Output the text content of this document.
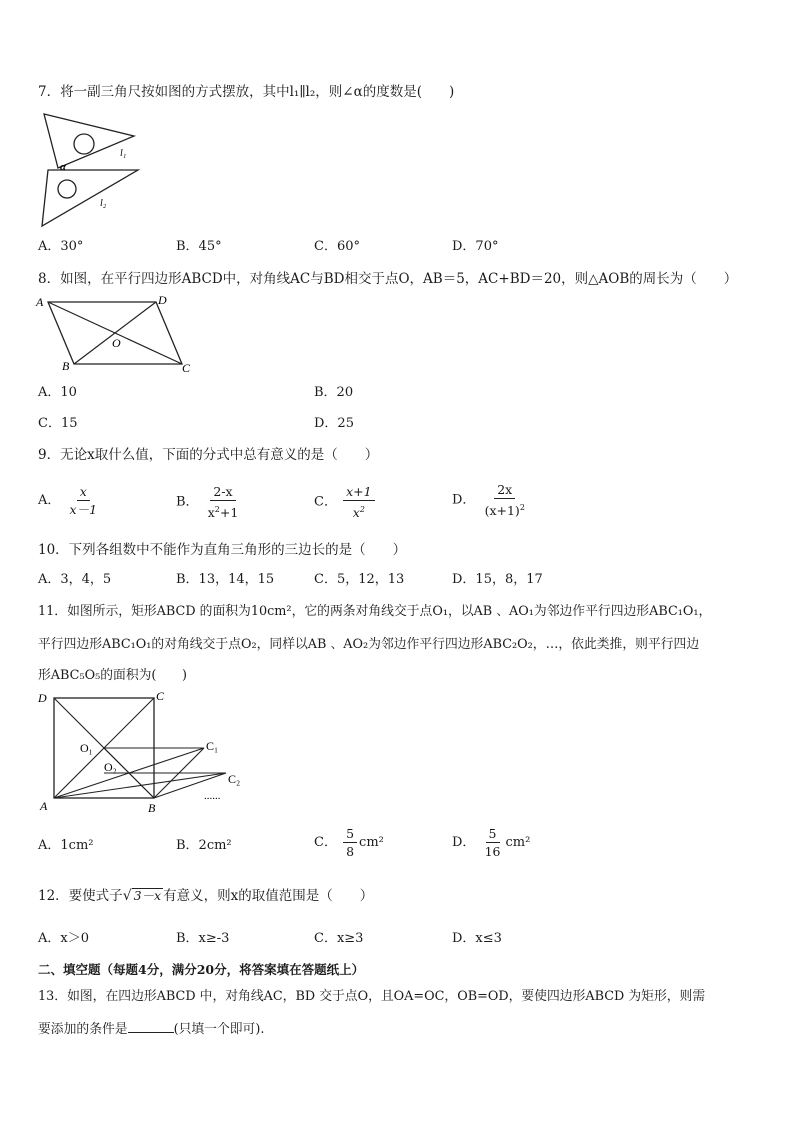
7．将一副三角尺按如图的方式摆放，其中l₁∥l₂，则∠α的度数是(　　)
α
l₁
l₂
A．30°	B．45°	C．60°	D．70°
8．如图，在平行四边形ABCD中，对角线AC与BD相交于点O，AB＝5，AC+BD＝20，则△AOB的周长为（　　）
A	D
B	C
O
A．10	B．20
C．15	D．25
9．无论x取什么值，下面的分式中总有意义的是（　　）
A． $\frac{x}{x-1}$	B． $\frac{2-x}{x^2+1}$	C． $\frac{x+1}{x^2}$	D． $\frac{2x}{(x+1)^2}$
10．下列各组数中不能作为直角三角形的三边长的是（　　）
A．3，4，5	B．13，14，15	C．5，12，13	D．15，8，17
11．如图所示，矩形ABCD 的面积为10cm²，它的两条对角线交于点O₁，以AB 、AO₁为邻边作平行四边形ABC₁O₁，
平行四边形ABC₁O₁的对角线交于点O₂，同样以AB 、AO₂为邻边作平行四边形ABC₂O₂，…，依此类推，则平行四边
形ABC₅O₅的面积为(　　)
D	C
A	B
O₁
O₂
C₁
C₂
......
A．1cm²	B．2cm²	C． $\frac{5}{8} cm^2$	D． $\frac{5}{16} cm^2$
12．要使式子√ 3－x 有意义，则x的取值范围是（　　）
A．x＞0	B．x≥-3	C．x≥3	D．x≤3
二、填空题（每题4分，满分20分，将答案填在答题纸上）
13．如图，在四边形ABCD 中，对角线AC，BD 交于点O，且OA=OC，OB=OD，要使四边形ABCD 为矩形，则需
要添加的条件是	(只填一个即可).
